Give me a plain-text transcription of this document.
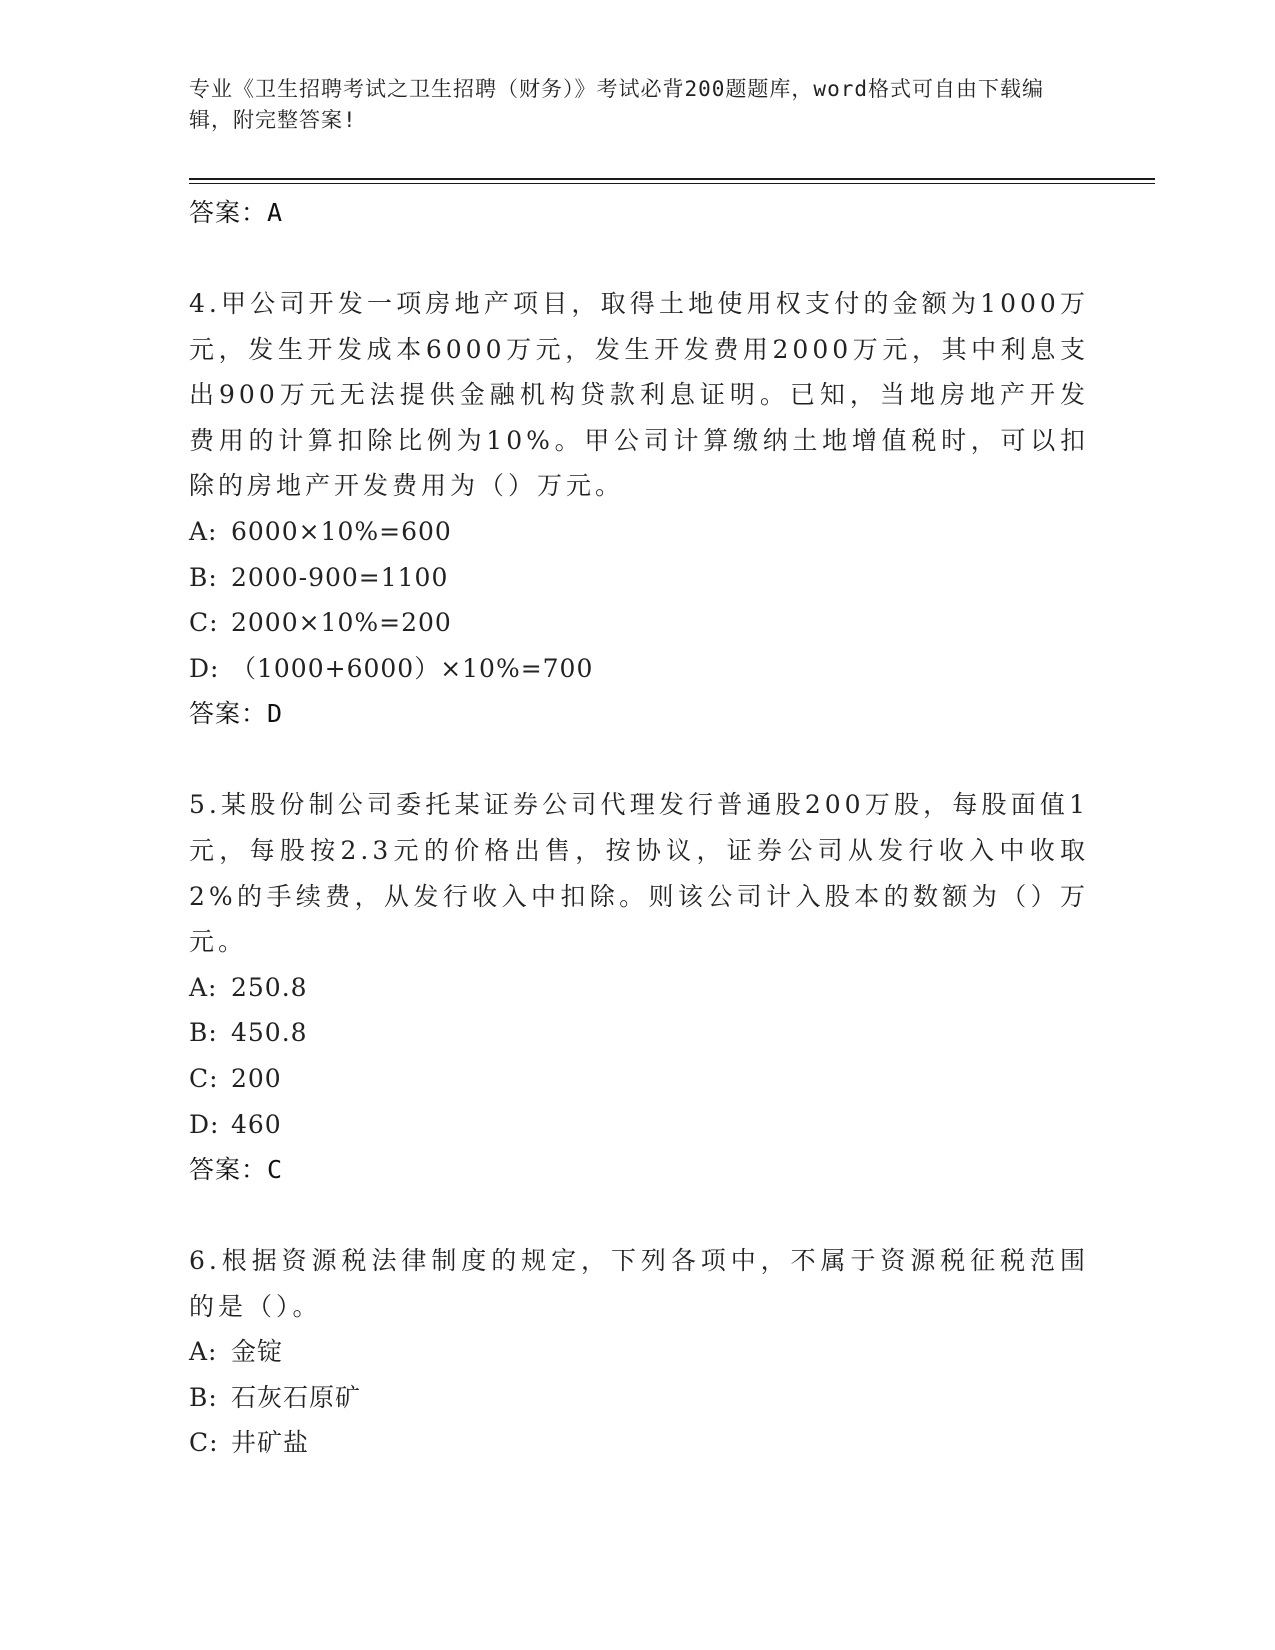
专业《卫生招聘考试之卫生招聘（财务）》考试必背200题题库，word格式可自由下载编辑，附完整答案!
答案：A
4.甲公司开发一项房地产项目，取得土地使用权支付的金额为1000万元，发生开发成本6000万元，发生开发费用2000万元，其中利息支出900万元无法提供金融机构贷款利息证明。已知，当地房地产开发费用的计算扣除比例为10%。甲公司计算缴纳土地增值税时，可以扣除的房地产开发费用为（）万元。
A: 6000×10%=600
B: 2000-900=1100
C: 2000×10%=200
D: （1000+6000）×10%=700
答案：D
5.某股份制公司委托某证券公司代理发行普通股200万股，每股面值1元，每股按2.3元的价格出售，按协议，证券公司从发行收入中收取2%的手续费，从发行收入中扣除。则该公司计入股本的数额为（）万元。
A: 250.8
B: 450.8
C: 200
D: 460
答案：C
6.根据资源税法律制度的规定，下列各项中，不属于资源税征税范围的是（）。
A: 金锭
B: 石灰石原矿
C: 井矿盐
